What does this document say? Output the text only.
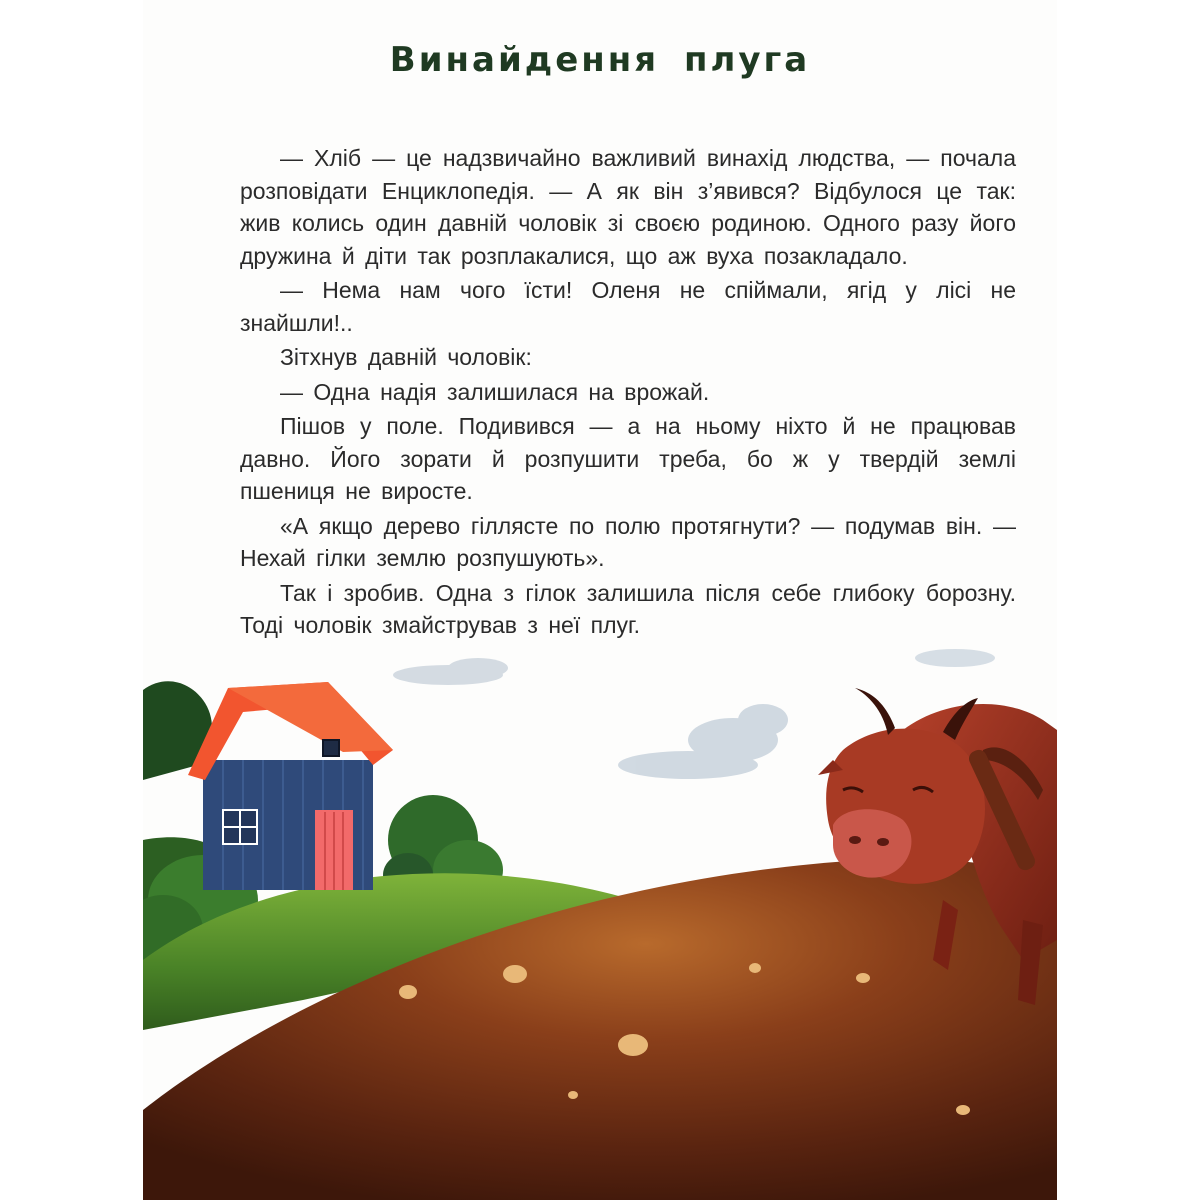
Винайдення плуга

— Хліб — це надзвичайно важливий винахід людства, — почала розповідати Енциклопедія. — А як він з’явився? Відбулося це так: жив колись один давній чоловік зі своєю родиною. Одного разу його дружина й діти так розплакалися, що аж вуха позакладало.

— Нема нам чого їсти! Оленя не спіймали, ягід у лісі не знайшли!..

Зітхнув давній чоловік:

— Одна надія залишилася на врожай.

Пішов у поле. Подивився — а на ньому ніхто й не працював давно. Його зорати й розпушити треба, бо ж у твердій землі пшениця не виросте.

«А якщо дерево гіллясте по полю протягнути? — подумав він. — Нехай гілки землю розпушують».

Так і зробив. Одна з гілок залишила після себе глибоку борозну. Тоді чоловік змайстрував з неї плуг.
